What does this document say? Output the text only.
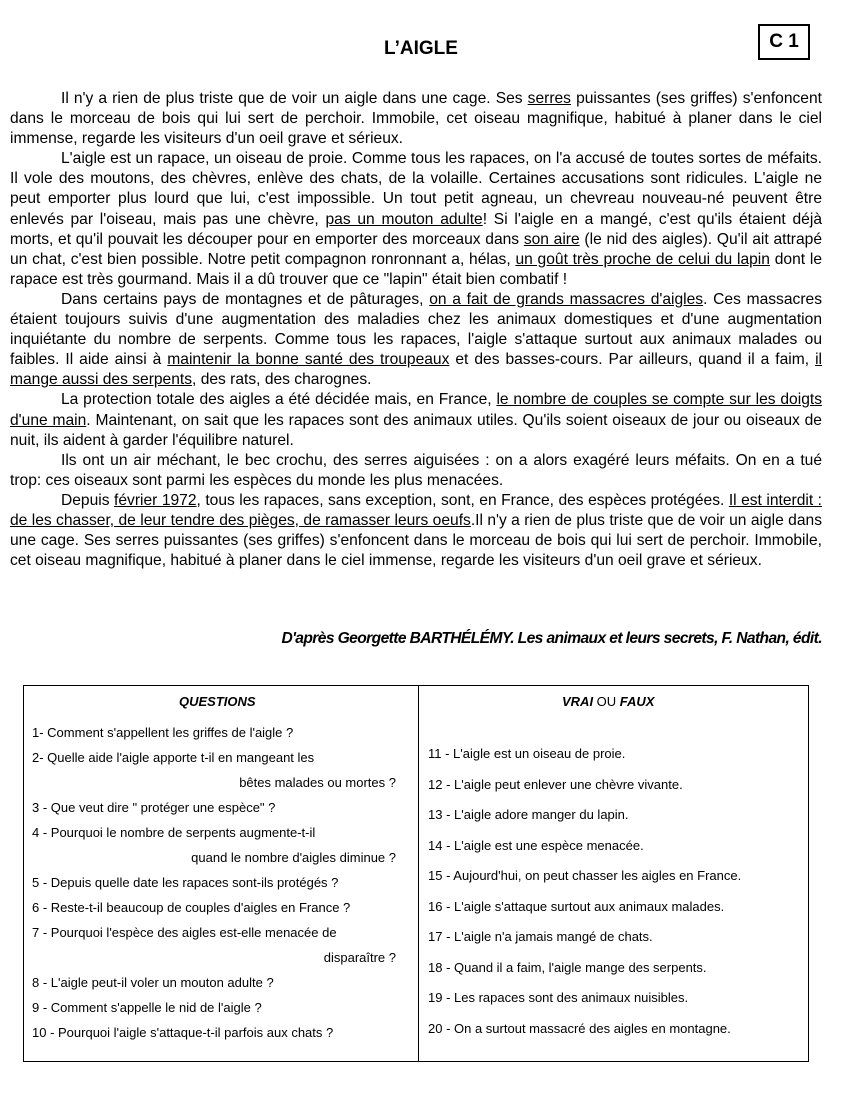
L’AIGLE	C 1

Il n'y a rien de plus triste que de voir un aigle dans une cage. Ses serres puissantes (ses griffes) s'enfoncent dans le morceau de bois qui lui sert de perchoir. Immobile, cet oiseau magnifique, habitué à planer dans le ciel immense, regarde les visiteurs d'un oeil grave et sérieux.

L'aigle est un rapace, un oiseau de proie. Comme tous les rapaces, on l'a accusé de toutes sortes de méfaits. Il vole des moutons, des chèvres, enlève des chats, de la volaille. Certaines accusations sont ridicules. L'aigle ne peut emporter plus lourd que lui, c'est impossible. Un tout petit agneau, un chevreau nouveau-né peuvent être enlevés par l'oiseau, mais pas une chèvre, pas un mouton adulte! Si l'aigle en a mangé, c'est qu'ils étaient déjà morts, et qu'il pouvait les découper pour en emporter des morceaux dans son aire (le nid des aigles). Qu'il ait attrapé un chat, c'est bien possible. Notre petit compagnon ronronnant a, hélas, un goût très proche de celui du lapin dont le rapace est très gourmand. Mais il a dû trouver que ce "lapin" était bien combatif !

Dans certains pays de montagnes et de pâturages, on a fait de grands massacres d'aigles. Ces massacres étaient toujours suivis d'une augmentation des maladies chez les animaux domestiques et d'une augmentation inquiétante du nombre de serpents. Comme tous les rapaces, l'aigle s'attaque surtout aux animaux malades ou faibles. Il aide ainsi à maintenir la bonne santé des troupeaux et des basses-cours. Par ailleurs, quand il a faim, il mange aussi des serpents, des rats, des charognes.

La protection totale des aigles a été décidée mais, en France, le nombre de couples se compte sur les doigts d'une main. Maintenant, on sait que les rapaces sont des animaux utiles. Qu'ils soient oiseaux de jour ou oiseaux de nuit, ils aident à garder l'équilibre naturel.

Ils ont un air méchant, le bec crochu, des serres aiguisées : on a alors exagéré leurs méfaits. On en a tué trop: ces oiseaux sont parmi les espèces du monde les plus menacées.

Depuis février 1972, tous les rapaces, sans exception, sont, en France, des espèces protégées. Il est interdit : de les chasser, de leur tendre des pièges, de ramasser leurs oeufs.Il n'y a rien de plus triste que de voir un aigle dans une cage. Ses serres puissantes (ses griffes) s'enfoncent dans le morceau de bois qui lui sert de perchoir. Immobile, cet oiseau magnifique, habitué à planer dans le ciel immense, regarde les visiteurs d'un oeil grave et sérieux.

D'après Georgette BARTHÉLÉMY. Les animaux et leurs secrets, F. Nathan, édit.
QUESTIONS	VRAI OU FAUX
1- Comment s'appellent les griffes de l'aigle ?
2- Quelle aide l'aigle apporte t-il en mangeant les
bêtes malades ou mortes ?
3 - Que veut dire " protéger une espèce" ?
4 - Pourquoi le nombre de serpents augmente-t-il
quand le nombre d'aigles diminue ?
5 - Depuis quelle date les rapaces sont-ils protégés ?
6 - Reste-t-il beaucoup de couples d'aigles en France ?
7 - Pourquoi l'espèce des aigles est-elle menacée de
disparaître ?
8 - L'aigle peut-il voler un mouton adulte ?
9 - Comment s'appelle le nid de l'aigle ?
10 - Pourquoi l'aigle s'attaque-t-il parfois aux chats ?
11 - L'aigle est un oiseau de proie.
12 - L'aigle peut enlever une chèvre vivante.
13 - L'aigle adore manger du lapin.
14 - L'aigle est une espèce menacée.
15 - Aujourd'hui, on peut chasser les aigles en France.
16 - L'aigle s'attaque surtout aux animaux malades.
17 - L'aigle n'a jamais mangé de chats.
18 - Quand il a faim, l'aigle mange des serpents.
19 - Les rapaces sont des animaux nuisibles.
20 - On a surtout massacré des aigles en montagne.
